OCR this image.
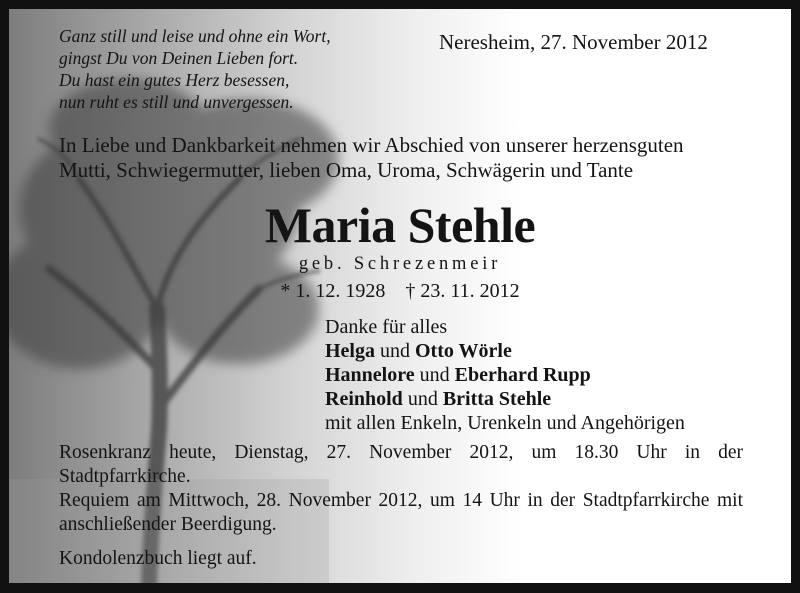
Ganz still und leise und ohne ein Wort,
gingst Du von Deinen Lieben fort.
Du hast ein gutes Herz besessen,
nun ruht es still und unvergessen.
Neresheim, 27. November 2012
In Liebe und Dankbarkeit nehmen wir Abschied von unserer herzensguten
Mutti, Schwiegermutter, lieben Oma, Uroma, Schwägerin und Tante
Maria Stehle
geb. Schrezenmeir
* 1. 12. 1928 † 23. 11. 2012
Danke für alles
Helga und Otto Wörle
Hannelore und Eberhard Rupp
Reinhold und Britta Stehle
mit allen Enkeln, Urenkeln und Angehörigen

Rosenkranz heute, Dienstag, 27. November 2012, um 18.30 Uhr in der Stadtpfarrkirche.

Requiem am Mittwoch, 28. November 2012, um 14 Uhr in der Stadtpfarrkirche mit anschließender Beerdigung.

Kondolenzbuch liegt auf.
